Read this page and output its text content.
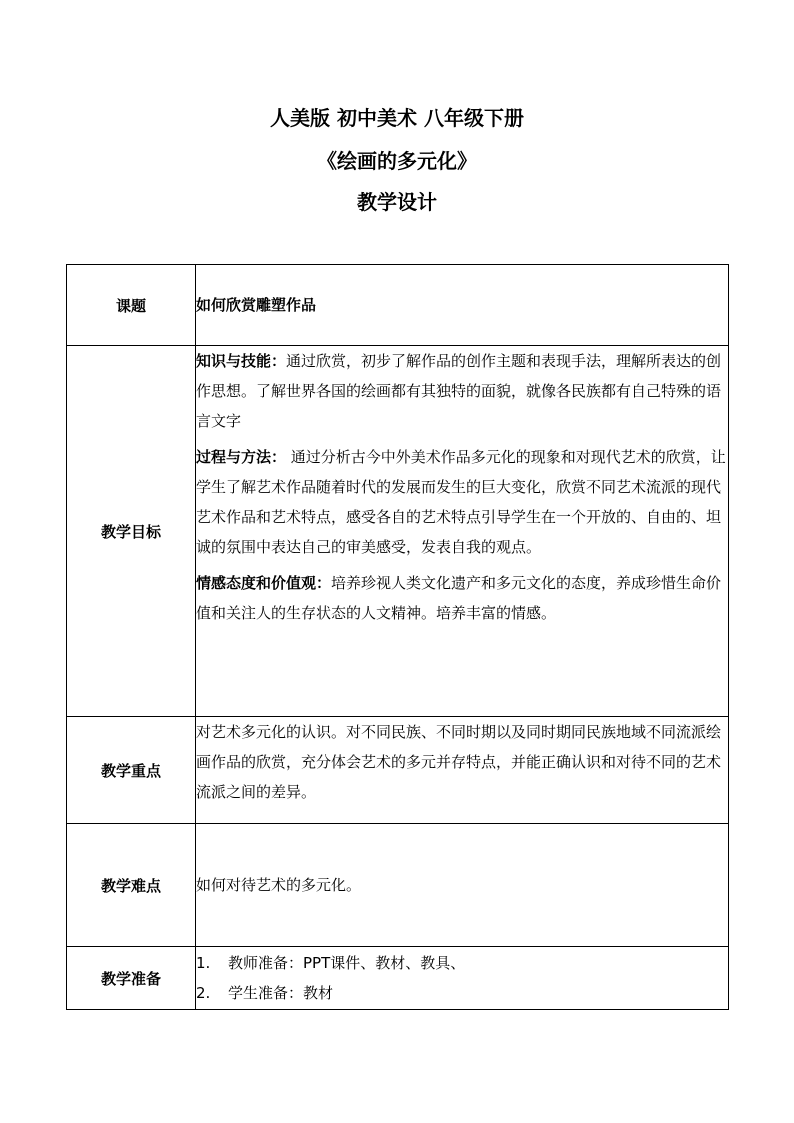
人美版 初中美术 八年级下册
《绘画的多元化》
教学设计
课题	如何欣赏雕塑作品
教学目标	知识与技能：通过欣赏，初步了解作品的创作主题和表现手法，理解所表达的创作思想。了解世界各国的绘画都有其独特的面貌，就像各民族都有自己特殊的语言文字

过程与方法： 通过分析古今中外美术作品多元化的现象和对现代艺术的欣赏，让学生了解艺术作品随着时代的发展而发生的巨大变化，欣赏不同艺术流派的现代艺术作品和艺术特点，感受各自的艺术特点引导学生在一个开放的、自由的、坦诚的氛围中表达自己的审美感受，发表自我的观点。

情感态度和价值观：培养珍视人类文化遗产和多元文化的态度，养成珍惜生命价值和关注人的生存状态的人文精神。培养丰富的情感。

教学重点	对艺术多元化的认识。对不同民族、不同时期以及同时期同民族地域不同流派绘画作品的欣赏，充分体会艺术的多元并存特点，并能正确认识和对待不同的艺术流派之间的差异。
教学难点	如何对待艺术的多元化。
教学准备	1. 教师准备：PPT课件、教材、教具、
2. 学生准备：教材
